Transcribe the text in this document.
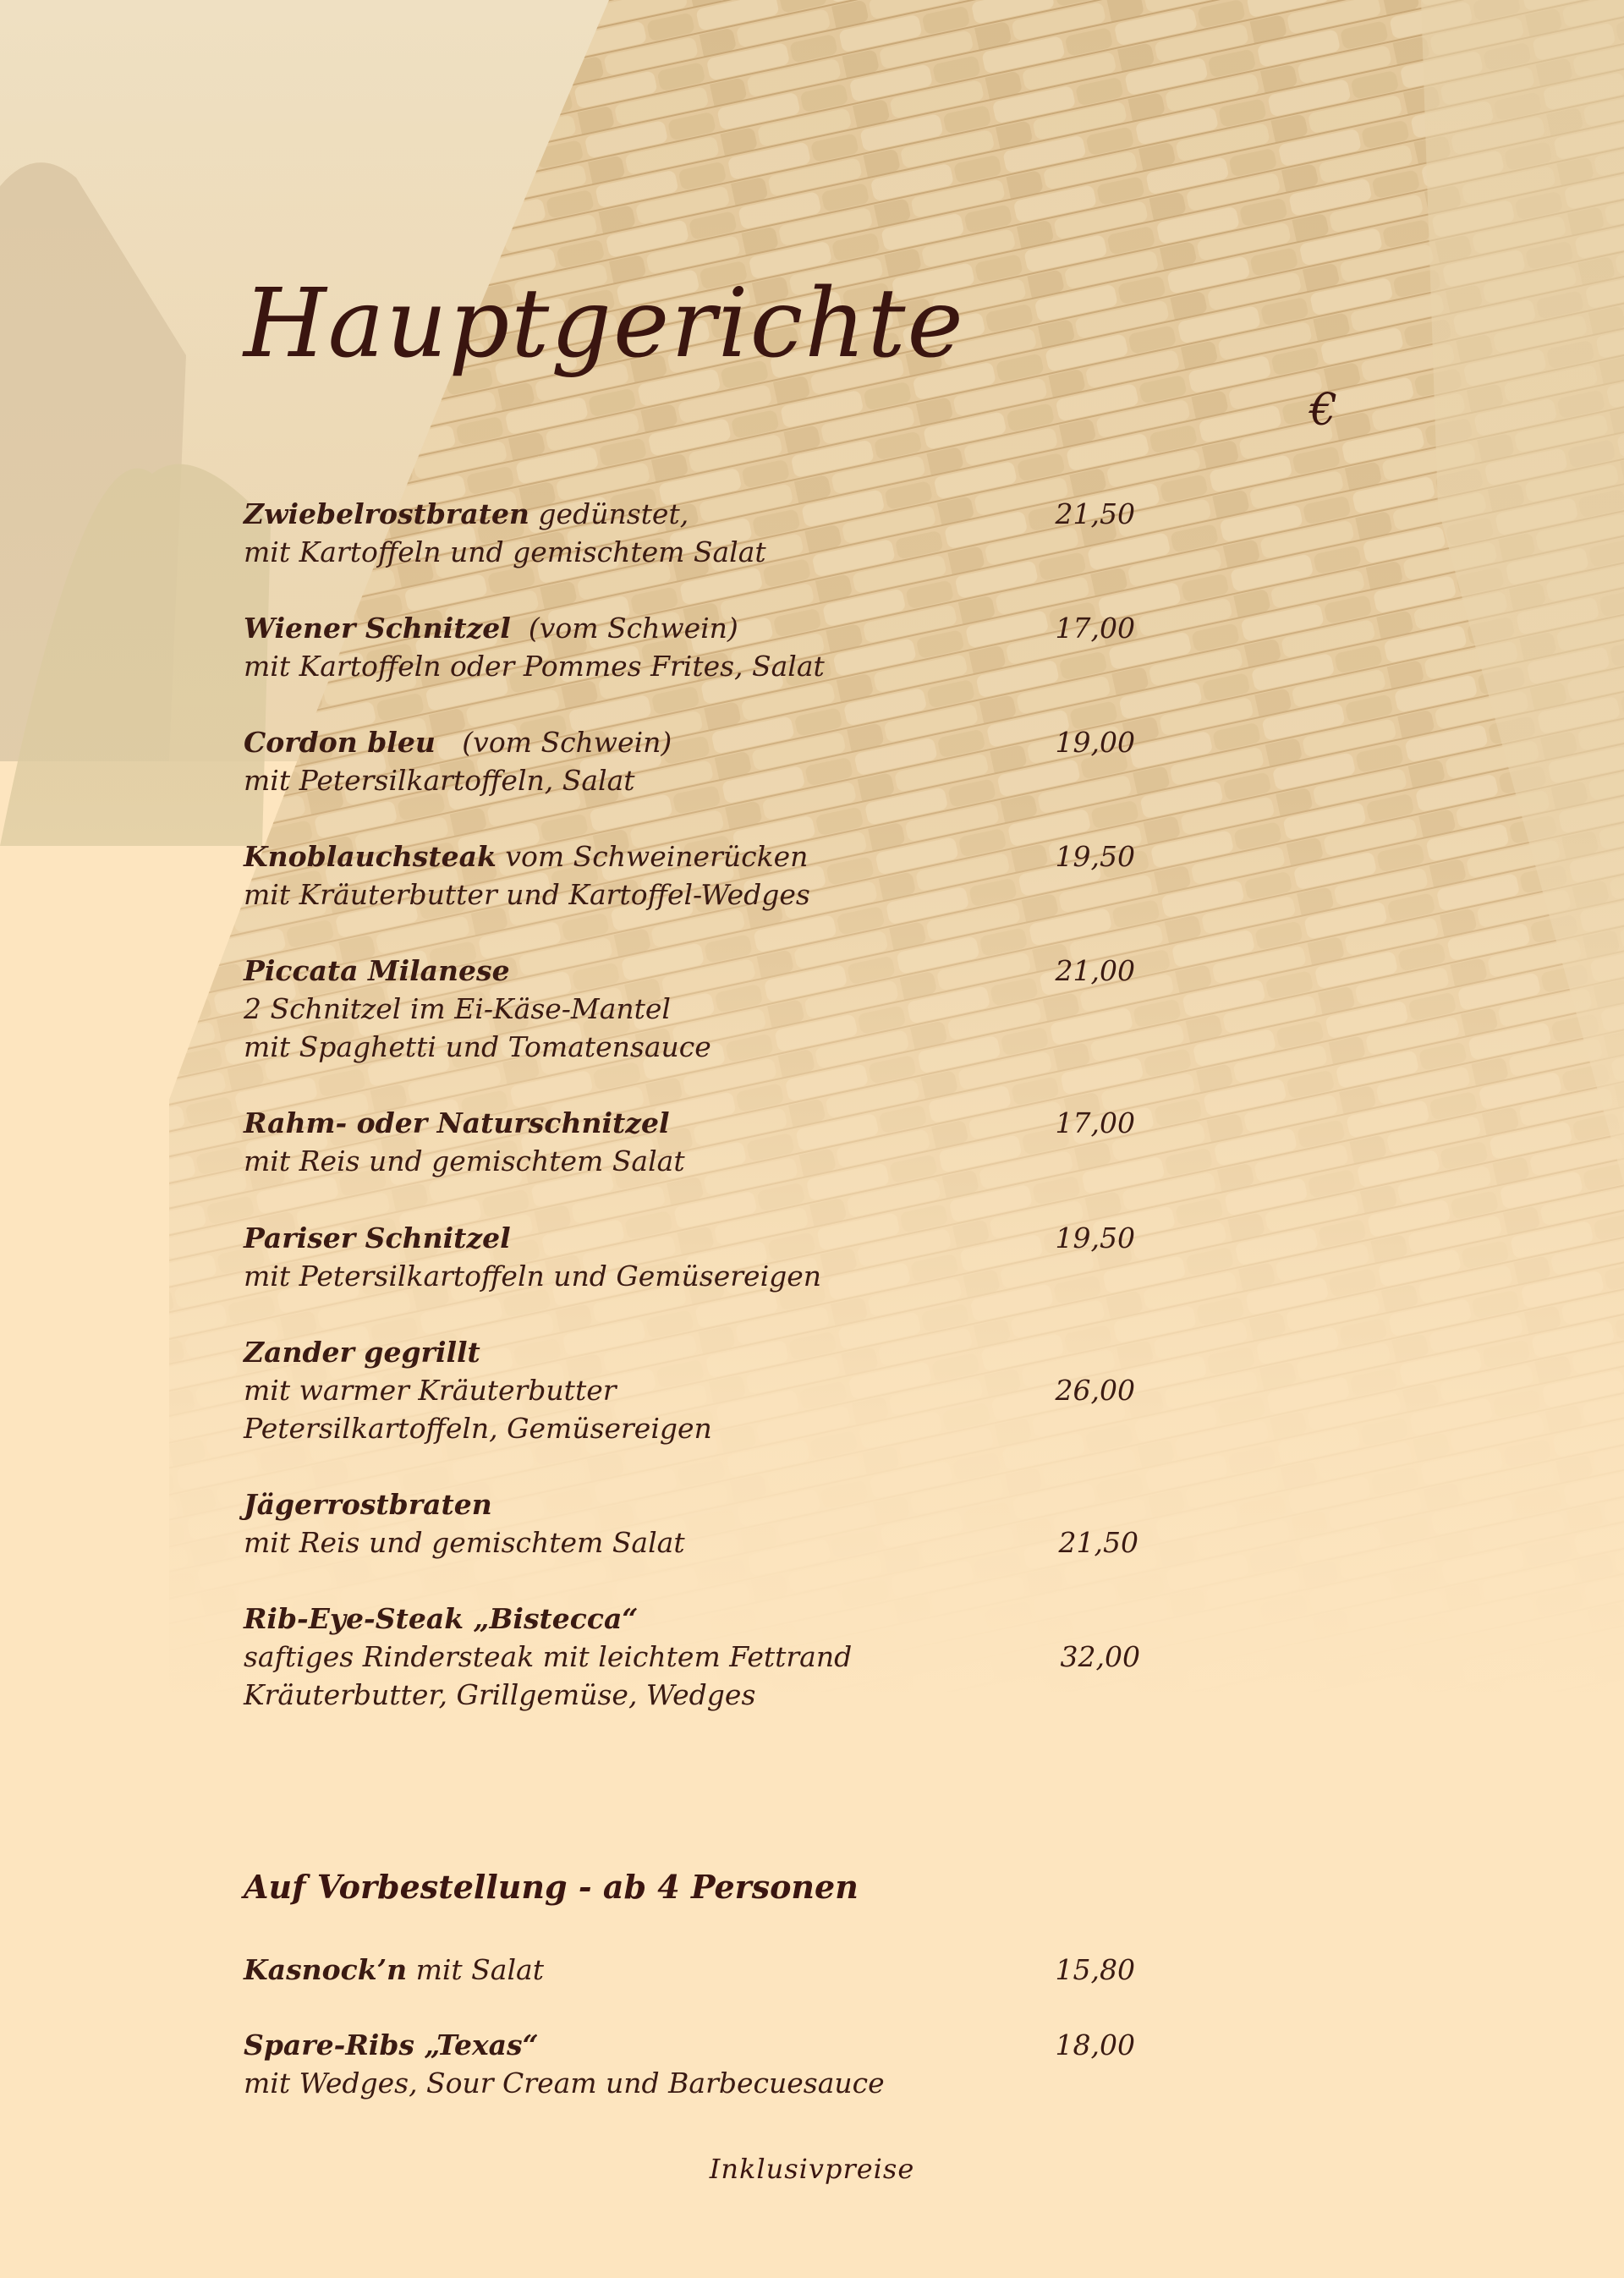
Hauptgerichte
€
Zwiebelrostbraten gedünstet,
mit Kartoffeln und gemischtem Salat
21,50
Wiener Schnitzel  (vom Schwein)
mit Kartoffeln oder Pommes Frites, Salat
17,00
Cordon bleu   (vom Schwein)
mit Petersilkartoffeln, Salat
19,00
Knoblauchsteak vom Schweinerücken
mit Kräuterbutter und Kartoffel-Wedges
19,50
Piccata Milanese
2 Schnitzel im Ei-Käse-Mantel
mit Spaghetti und Tomatensauce
21,00
Rahm- oder Naturschnitzel
mit Reis und gemischtem Salat
17,00
Pariser Schnitzel
mit Petersilkartoffeln und Gemüsereigen
19,50
Zander gegrillt
mit warmer Kräuterbutter
Petersilkartoffeln, Gemüsereigen
26,00
Jägerrostbraten
mit Reis und gemischtem Salat	21,50
Rib-Eye-Steak „Bistecca“
saftiges Rindersteak mit leichtem Fettrand
Kräuterbutter, Grillgemüse, Wedges
32,00
Auf Vorbestellung - ab 4 Personen
Kasnock’n mit Salat	15,80
Spare-Ribs „Texas“
mit Wedges, Sour Cream und Barbecuesauce
18,00
Inklusivpreise
